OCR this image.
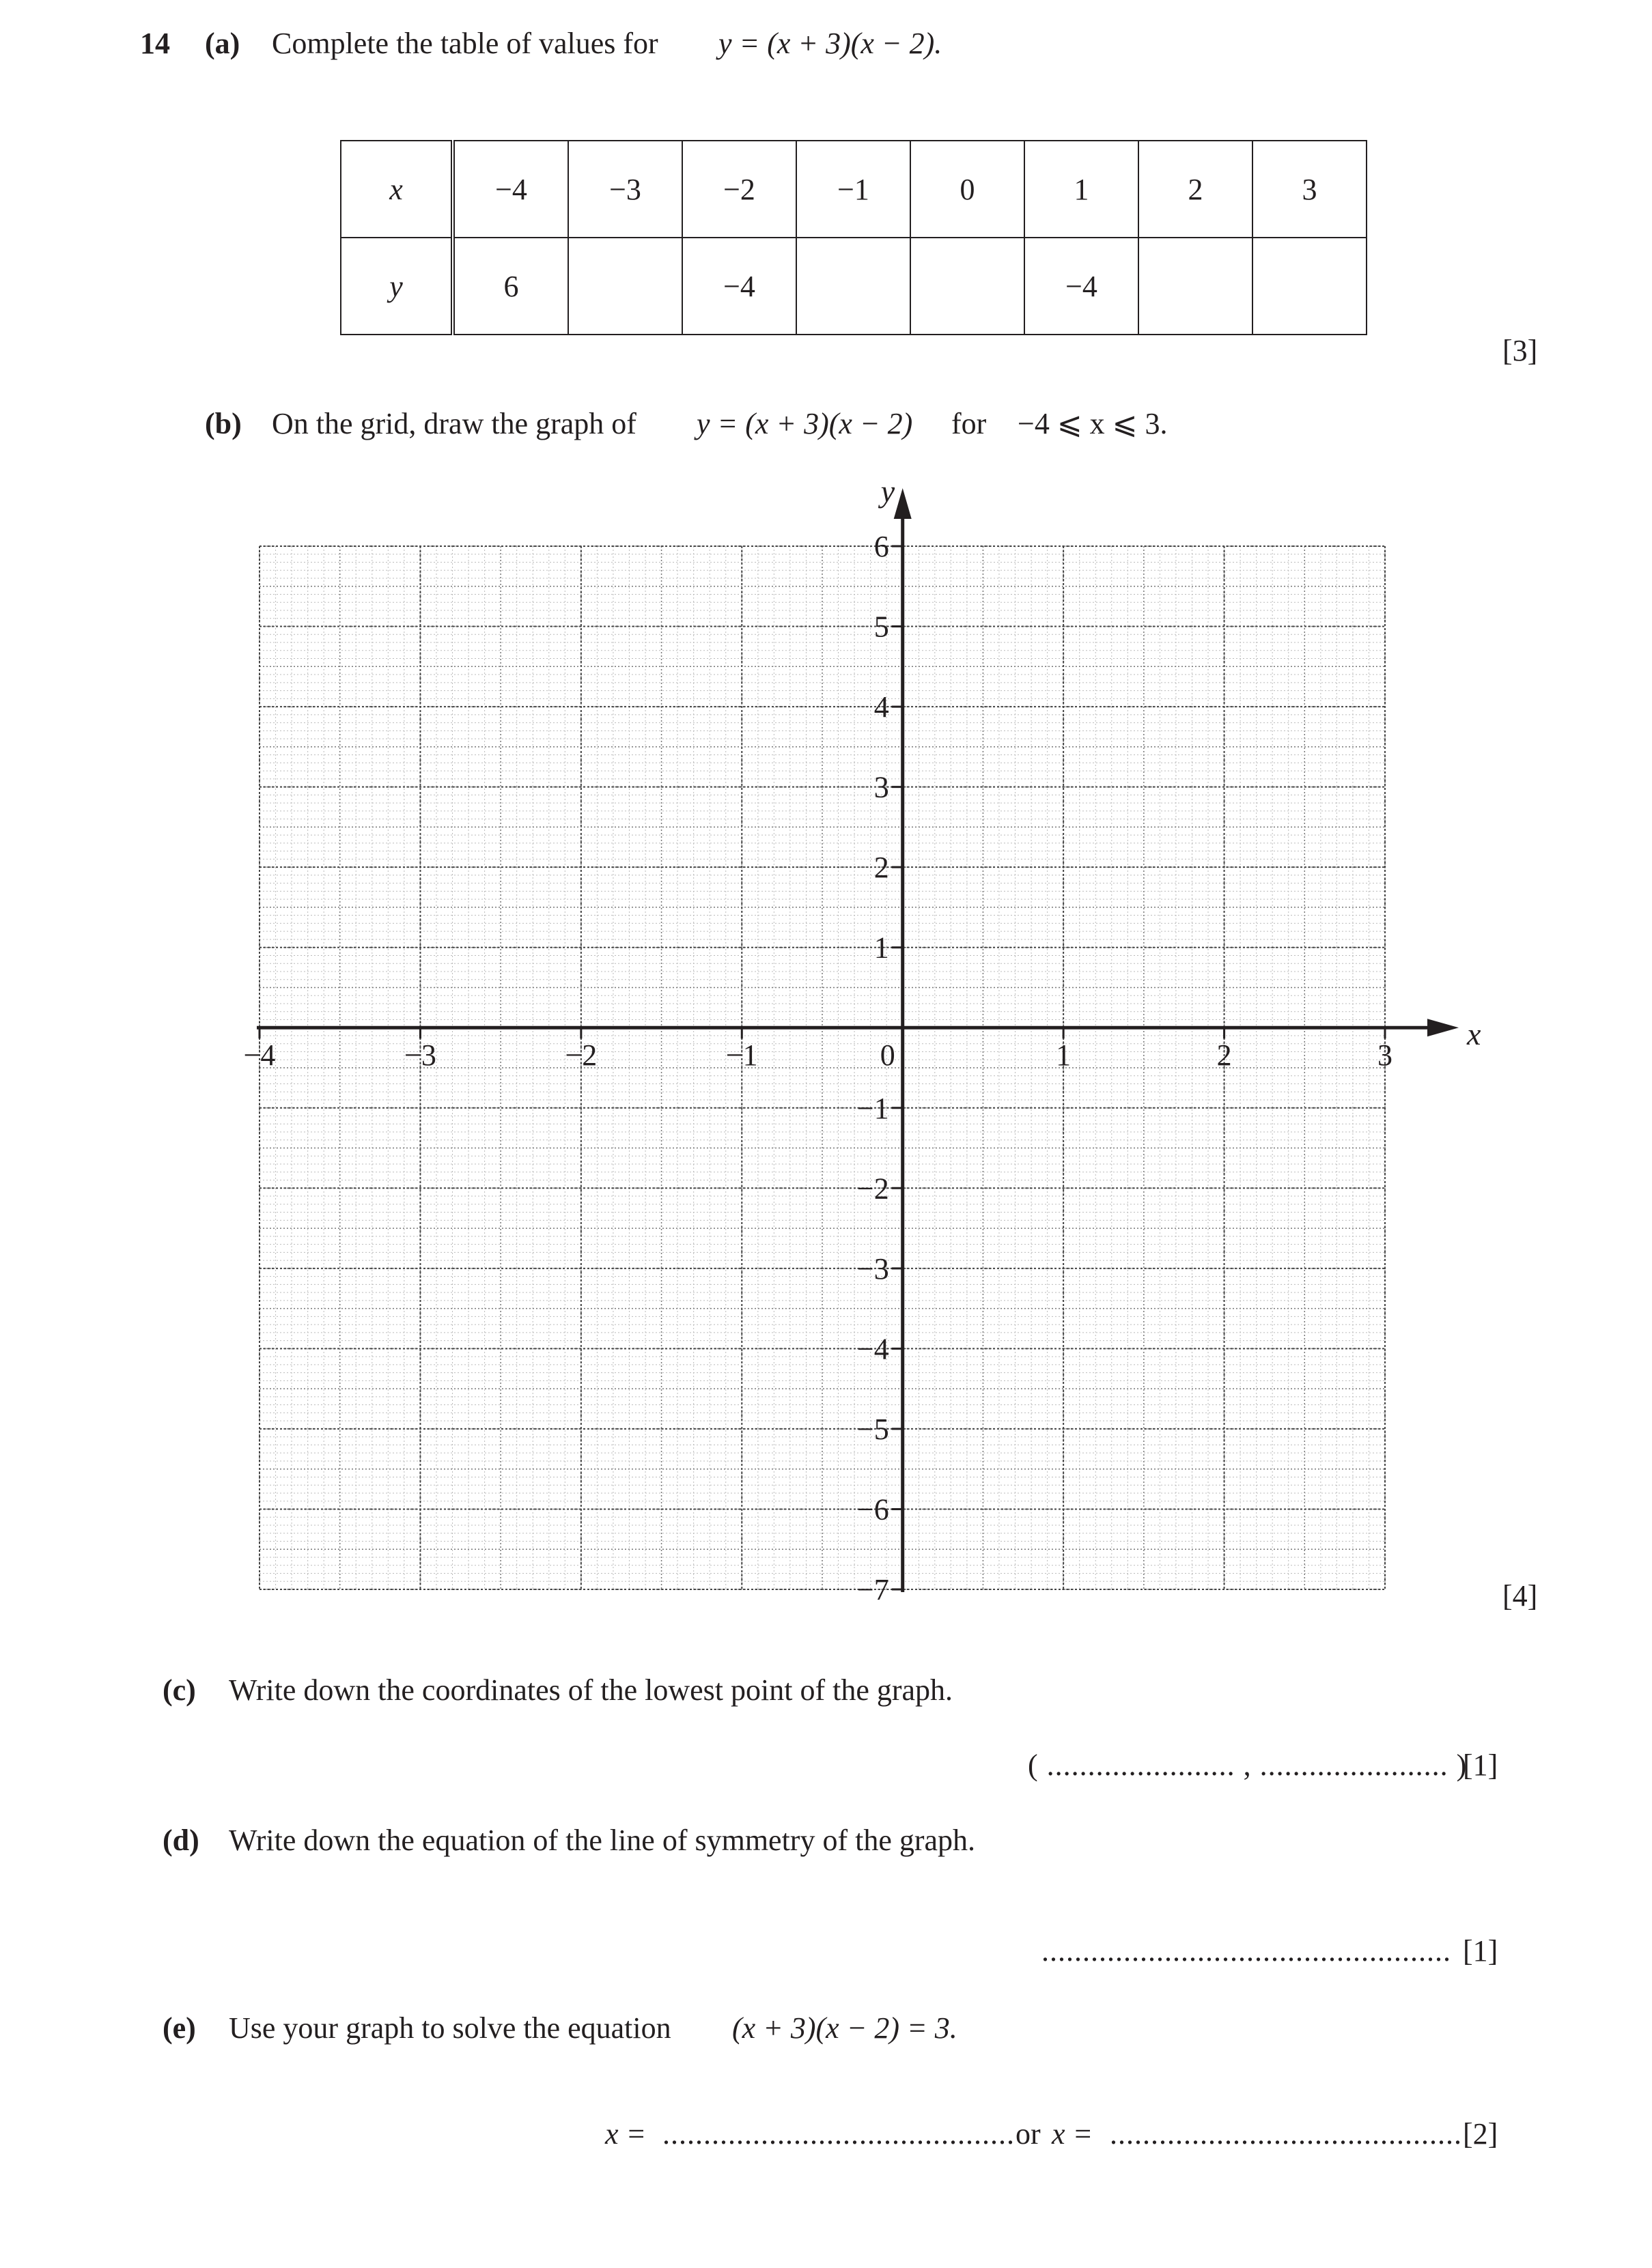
14 (a) Complete the table of values for y = (x + 3)(x − 2).
x	−4	−3	−2	−1	0	1	2	3
y	6		−4			−4		
[3]
(b) On the grid, draw the graph of y = (x + 3)(x − 2) for −4 ⩽ x ⩽ 3.
x
y
−4	−3	−2	−1	0	1	2	3
6
5
4
3
2
1
−1
−2
−3
−4
−5
−6
−7	[4]
(c) Write down the coordinates of the lowest point of the graph.
( ....................... , ....................... )
[1]
(d) Write down the equation of the line of symmetry of the graph.
.................................................. [1]
(e) Use your graph to solve the equation (x + 3)(x − 2) = 3.
x = ........................................... or x = ........................................... [2]
